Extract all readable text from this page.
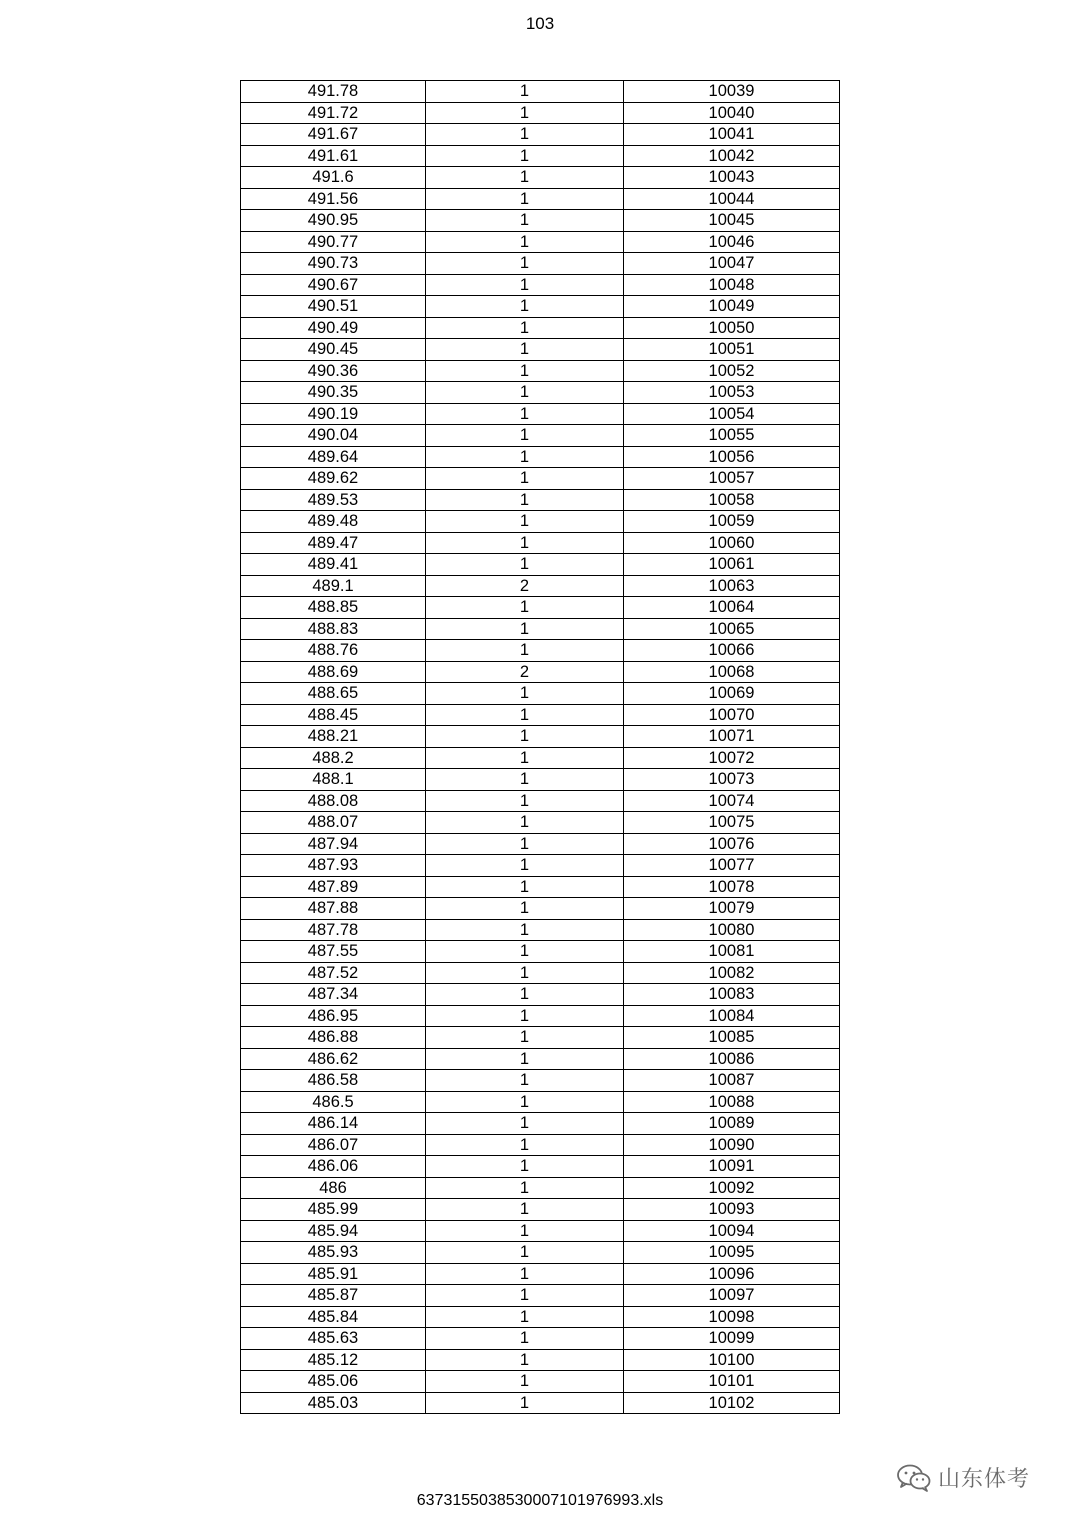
103
491.78	1	10039
491.72	1	10040
491.67	1	10041
491.61	1	10042
491.6	1	10043
491.56	1	10044
490.95	1	10045
490.77	1	10046
490.73	1	10047
490.67	1	10048
490.51	1	10049
490.49	1	10050
490.45	1	10051
490.36	1	10052
490.35	1	10053
490.19	1	10054
490.04	1	10055
489.64	1	10056
489.62	1	10057
489.53	1	10058
489.48	1	10059
489.47	1	10060
489.41	1	10061
489.1	2	10063
488.85	1	10064
488.83	1	10065
488.76	1	10066
488.69	2	10068
488.65	1	10069
488.45	1	10070
488.21	1	10071
488.2	1	10072
488.1	1	10073
488.08	1	10074
488.07	1	10075
487.94	1	10076
487.93	1	10077
487.89	1	10078
487.88	1	10079
487.78	1	10080
487.55	1	10081
487.52	1	10082
487.34	1	10083
486.95	1	10084
486.88	1	10085
486.62	1	10086
486.58	1	10087
486.5	1	10088
486.14	1	10089
486.07	1	10090
486.06	1	10091
486	1	10092
485.99	1	10093
485.94	1	10094
485.93	1	10095
485.91	1	10096
485.87	1	10097
485.84	1	10098
485.63	1	10099
485.12	1	10100
485.06	1	10101
485.03	1	10102
山东体考
6373155038530007101976993.xls
